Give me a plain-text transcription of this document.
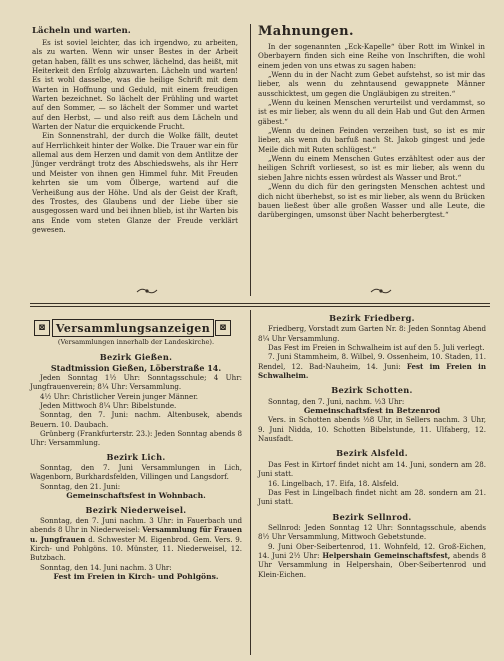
Lächeln und warten.

Es ist soviel leichter, das ich irgendwo, zu arbeiten, als zu warten. Wenn wir unser Bestes in der Arbeit getan haben, fällt es uns schwer, lächelnd, das heißt, mit Heiterkeit den Erfolg abzuwarten. Lächeln und warten! Es ist wohl dasselbe, was die heilige Schrift mit dem Warten in Hoffnung und Geduld, mit einem freudigen Warten bezeichnet. So lächelt der Frühling und wartet auf den Sommer, — so lächelt der Sommer und wartet auf den Herbst, — und also reift aus dem Lächeln und Warten der Natur die erquickende Frucht.

Ein Sonnenstrahl, der durch die Wolke fällt, deutet auf Herrlichkeit hinter der Wolke. Die Trauer war ein für allemal aus dem Herzen und damit von dem Antlitze der Jünger verdrängt trotz des Abschiedswehs, als ihr Herr und Meister von ihnen gen Himmel fuhr. Mit Freuden kehrten sie um vom Ölberge, wartend auf die Verheißung aus der Höhe. Und als der Geist der Kraft, des Trostes, des Glaubens und der Liebe über sie ausgegossen ward und bei ihnen blieb, ist ihr Warten bis ans Ende vom steten Glanze der Freude verklärt gewesen.

Mahnungen.

In der sogenannten „Eck-Kapelle“ über Rott im Winkel in Oberbayern finden sich eine Reihe von Inschriften, die wohl einem jeden von uns etwas zu sagen haben:

„Wenn du in der Nacht zum Gebet aufstehst, so ist mir das lieber, als wenn du zehntausend gewappnete Männer ausschicktest, um gegen die Ungläubigen zu streiten.“

„Wenn du keinen Menschen verurteilst und verdammst, so ist es mir lieber, als wenn du all dein Hab und Gut den Armen gäbest.“

„Wenn du deinen Feinden verzeihen tust, so ist es mir lieber, als wenn du barfuß nach St. Jakob gingest und jede Meile dich mit Ruten schlügest.“

„Wenn du einem Menschen Gutes erzähltest oder aus der heiligen Schrift vorliesest, so ist es mir lieber, als wenn du sieben Jahre nichts essen würdest als Wasser und Brot.“

„Wenn du dich für den geringsten Menschen achtest und dich nicht überhebst, so ist es mir lieber, als wenn du Brücken bauen ließest über alle großen Wasser und alle Leute, die darübergingen, umsonst über Nacht beherbergtest.“

⊠ Versammlungsanzeigen	⊠
(Versammlungen innerhalb der Landeskirche).
Bezirk Gießen.
Stadtmission Gießen, Löberstraße 14.

Jeden Sonntag 1½ Uhr: Sonntagsschule; 4 Uhr: Jungfrauenverein; 8¼ Uhr: Versammlung.

4½ Uhr: Christlicher Verein junger Männer.

Jeden Mittwoch 8¼ Uhr: Bibelstunde.

Sonntag, den 7. Juni: nachm. Altenbusek, abends Beuern. 10. Daubach.

Grünberg (Frankfurterstr. 23.): Jeden Sonntag abends 8 Uhr: Versammlung.

Bezirk Lich.

Sonntag, den 7. Juni Versammlungen in Lich, Wagenborn, Burkhardsfelden, Villingen und Langsdorf.

Sonntag, den 21. Juni:

Gemeinschaftsfest in Wohnbach.
Bezirk Niederweisel.

Sonntag, den 7. Juni nachm. 3 Uhr: in Fauerbach und abends 8 Uhr in Niederweisel: Versammlung für Frauen u. Jungfrauen d. Schwester M. Eigenbrod. Gem. Vers. 9. Kirch- und Pohlgöns. 10. Münster, 11. Niederweisel, 12. Butzbach.

Sonntag, den 14. Juni nachm. 3 Uhr:

Fest im Freien in Kirch- und Pohlgöns.
Bezirk Friedberg.

Friedberg, Vorstadt zum Garten Nr. 8: Jeden Sonntag Abend 8¼ Uhr Versammlung.

Das Fest im Freien in Schwalheim ist auf den 5. Juli verlegt.

7. Juni Stammheim, 8. Wilbel, 9. Ossenheim, 10. Staden, 11. Rendel, 12. Bad-Nauheim, 14. Juni: Fest im Freien in Schwalheim.

Bezirk Schotten.

Sonntag, den 7. Juni, nachm. ½3 Uhr:

Gemeinschaftsfest in Betzenrod

Vers. in Schotten abends ½8 Uhr, in Sellers nachm. 3 Uhr, 9. Juni Nidda, 10. Schotten Bibelstunde, 11. Ulfaberg, 12. Nausfadt.

Bezirk Alsfeld.

Das Fest in Kirtorf findet nicht am 14. Juni, sondern am 28. Juni statt.

16. Lingelbach, 17. Eifa, 18. Alsfeld.

Das Fest in Lingelbach findet nicht am 28. sondern am 21. Juni statt.

Bezirk Sellnrod.

Sellnrod: Jeden Sonntag 12 Uhr: Sonntagsschule, abends 8½ Uhr Versammlung, Mittwoch Gebetstunde.

9. Juni Ober-Seibertenrod, 11. Wohnfeld, 12. Groß-Eichen, 14. Juni 2½ Uhr: Helpershain Gemeinschaftsfest, abends 8 Uhr Versammlung in Helpershain, Ober-Seibertenrod und Klein-Eichen.
